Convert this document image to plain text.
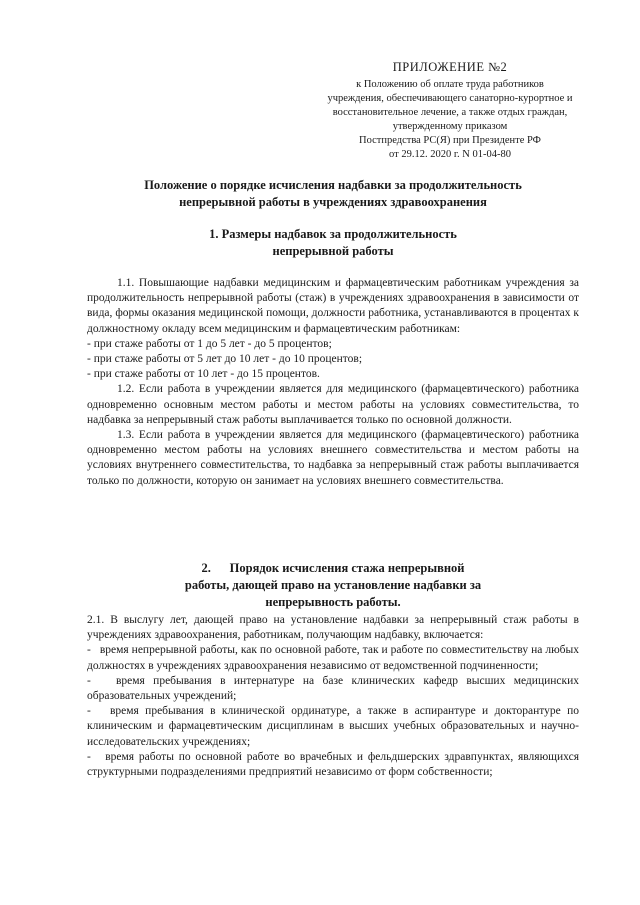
ПРИЛОЖЕНИЕ №2
к Положению об оплате труда работников
учреждения, обеспечивающего санаторно-курортное и
восстановительное лечение, а также отдых граждан,
утвержденному приказом
Постпредства РС(Я) при Президенте РФ
от 29.12. 2020 г. N 01-04-80
Положение о порядке исчисления надбавки за продолжительность
непрерывной работы в учреждениях здравоохранения
1. Размеры надбавок за продолжительность
непрерывной работы

1.1. Повышающие надбавки медицинским и фармацевтическим работникам учреждения за продолжительность непрерывной работы (стаж) в учреждениях здравоохранения в зависимости от вида, формы оказания медицинской помощи, должности работника, устанавливаются в процентах к должностному окладу всем медицинским и фармацевтическим работникам:

- при стаже работы от 1 до 5 лет - до 5 процентов;

- при стаже работы от 5 лет до 10 лет - до 10 процентов;

- при стаже работы от 10 лет - до 15 процентов.

1.2. Если работа в учреждении является для медицинского (фармацевтического) работника одновременно основным местом работы и местом работы на условиях совместительства, то надбавка за непрерывный стаж работы выплачивается только по основной должности.

1.3. Если работа в учреждении является для медицинского (фармацевтического) работника одновременно местом работы на условиях внешнего совместительства и местом работы на условиях внутреннего совместительства, то надбавка за непрерывный стаж работы выплачивается только по должности, которую он занимает на условиях внешнего совместительства.

2.      Порядок исчисления стажа непрерывной
работы, дающей право на установление надбавки за
непрерывность работы.

2.1. В выслугу лет, дающей право на установление надбавки за непрерывный стаж работы в учреждениях здравоохранения, работникам, получающим надбавку, включается:

-   время непрерывной работы, как по основной работе, так и работе по совместительству на любых должностях в учреждениях здравоохранения независимо от ведомственной подчиненности;

-   время пребывания в интернатуре на базе клинических кафедр высших медицинских образовательных учреждений;

-   время пребывания в клинической ординатуре, а также в аспирантуре и докторантуре по клиническим и фармацевтическим дисциплинам в высших учебных образовательных и научно-исследовательских учреждениях;

-   время работы по основной работе во врачебных и фельдшерских здравпунктах, являющихся структурными подразделениями предприятий независимо от форм собственности;
